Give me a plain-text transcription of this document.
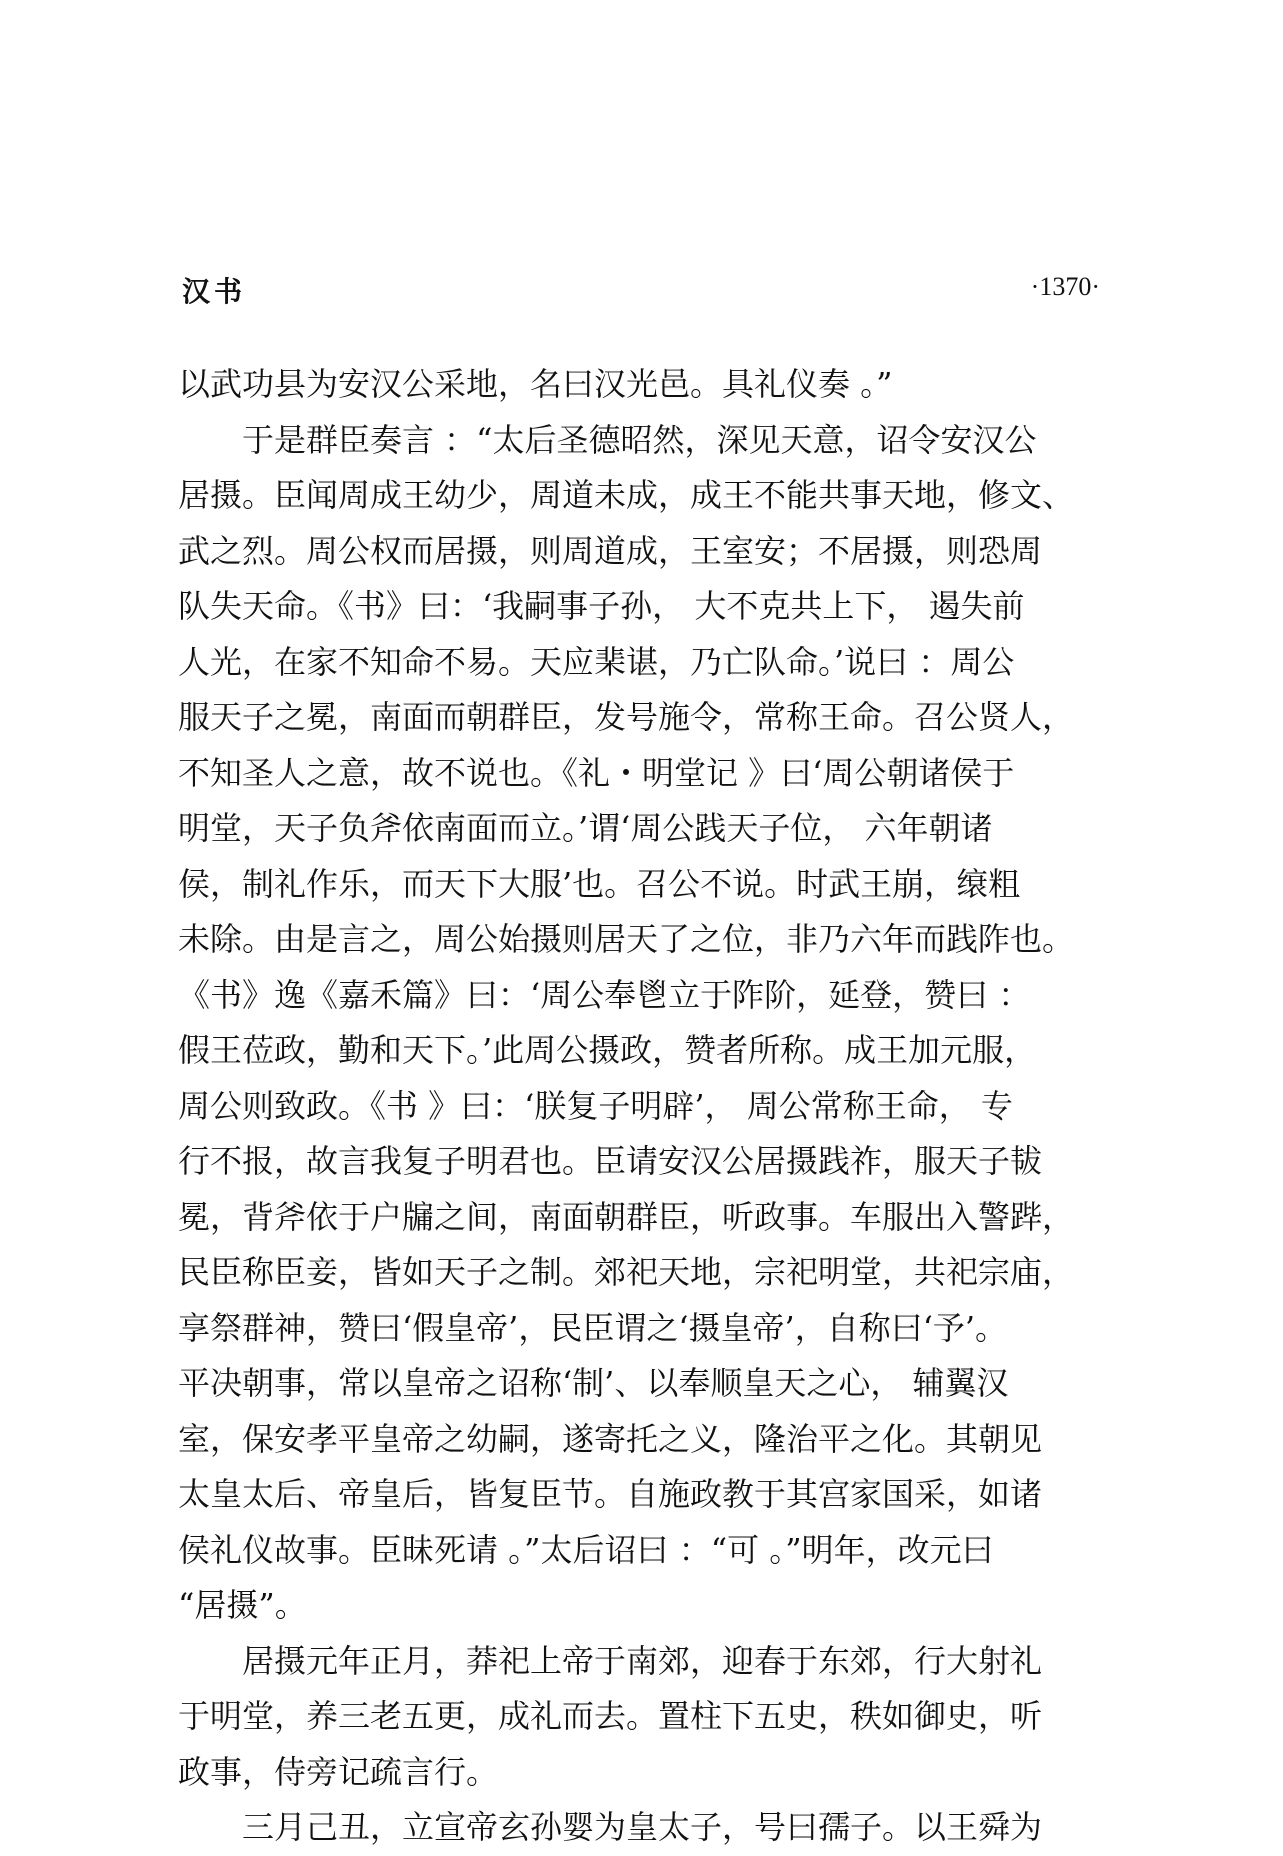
汉书	·1370·
以武功县为安汉公采地，名曰汉光邑。具礼仪奏 。”
于是群臣奏言 ：“太后圣德昭然，深见天意，诏令安汉公
居摄。臣闻周成王幼少，周道未成，成王不能共事天地，修文、
武之烈。周公权而居摄，则周道成，王室安；不居摄，则恐周
队失天命。《书》曰：‘我嗣事子孙， 大不克共上下， 遏失前
人光，在家不知命不易。天应棐谌，乃亡队命。’说曰 ：周公
服天子之冕，南面而朝群臣，发号施令，常称王命。召公贤人，
不知圣人之意，故不说也。《礼・明堂记 》曰‘周公朝诸侯于
明堂，天子负斧依南面而立。’谓‘周公践天子位， 六年朝诸
侯，制礼作乐，而天下大服’也。召公不说。时武王崩，缞粗
未除。由是言之，周公始摄则居天了之位，非乃六年而践阼也。
《书》逸《嘉禾篇》曰：‘周公奉鬯立于阼阶，延登，赞曰 ：
假王莅政，勤和天下。’此周公摄政，赞者所称。成王加元服，
周公则致政。《书 》曰：‘朕复子明辟’， 周公常称王命， 专
行不报，故言我复子明君也。臣请安汉公居摄践祚，服天子韨
冕，背斧依于户牖之间，南面朝群臣，听政事。车服出入警跸，
民臣称臣妾，皆如天子之制。郊祀天地，宗祀明堂，共祀宗庙，
享祭群神，赞曰‘假皇帝’，民臣谓之‘摄皇帝’，自称曰‘予’。
平决朝事，常以皇帝之诏称‘制’、以奉顺皇天之心， 辅翼汉
室，保安孝平皇帝之幼嗣，遂寄托之义，隆治平之化。其朝见
太皇太后、帝皇后，皆复臣节。自施政教于其宫家国采，如诸
侯礼仪故事。臣昧死请 。”太后诏曰 ：“可 。”明年，改元曰
“居摄”。
居摄元年正月，莽祀上帝于南郊，迎春于东郊，行大射礼
于明堂，养三老五更，成礼而去。置柱下五史，秩如御史，听
政事，侍旁记疏言行。
三月己丑，立宣帝玄孙婴为皇太子，号曰孺子。以王舜为
